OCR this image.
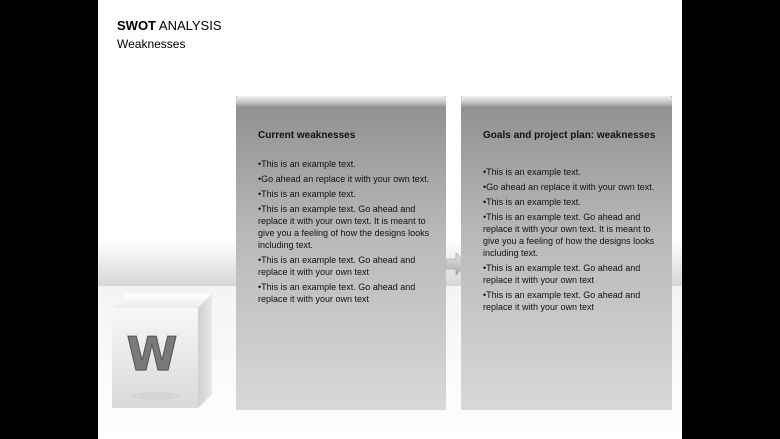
SWOT ANALYSIS
Weaknesses
Current weaknesses
•This is an example text.
•Go ahead an replace it with your own text.
•This is an example text.
•This is an example text. Go ahead and replace it with your own text. It is meant to give you a feeling of how the designs looks including text.
•This is an example text. Go ahead and replace it with your own text
•This is an example text. Go ahead and replace it with your own text
Goals and project plan: weaknesses
•This is an example text.
•Go ahead an replace it with your own text.
•This is an example text.
•This is an example text. Go ahead and replace it with your own text. It is meant to give you a feeling of how the designs looks including text.
•This is an example text. Go ahead and replace it with your own text
•This is an example text. Go ahead and replace it with your own text
W
